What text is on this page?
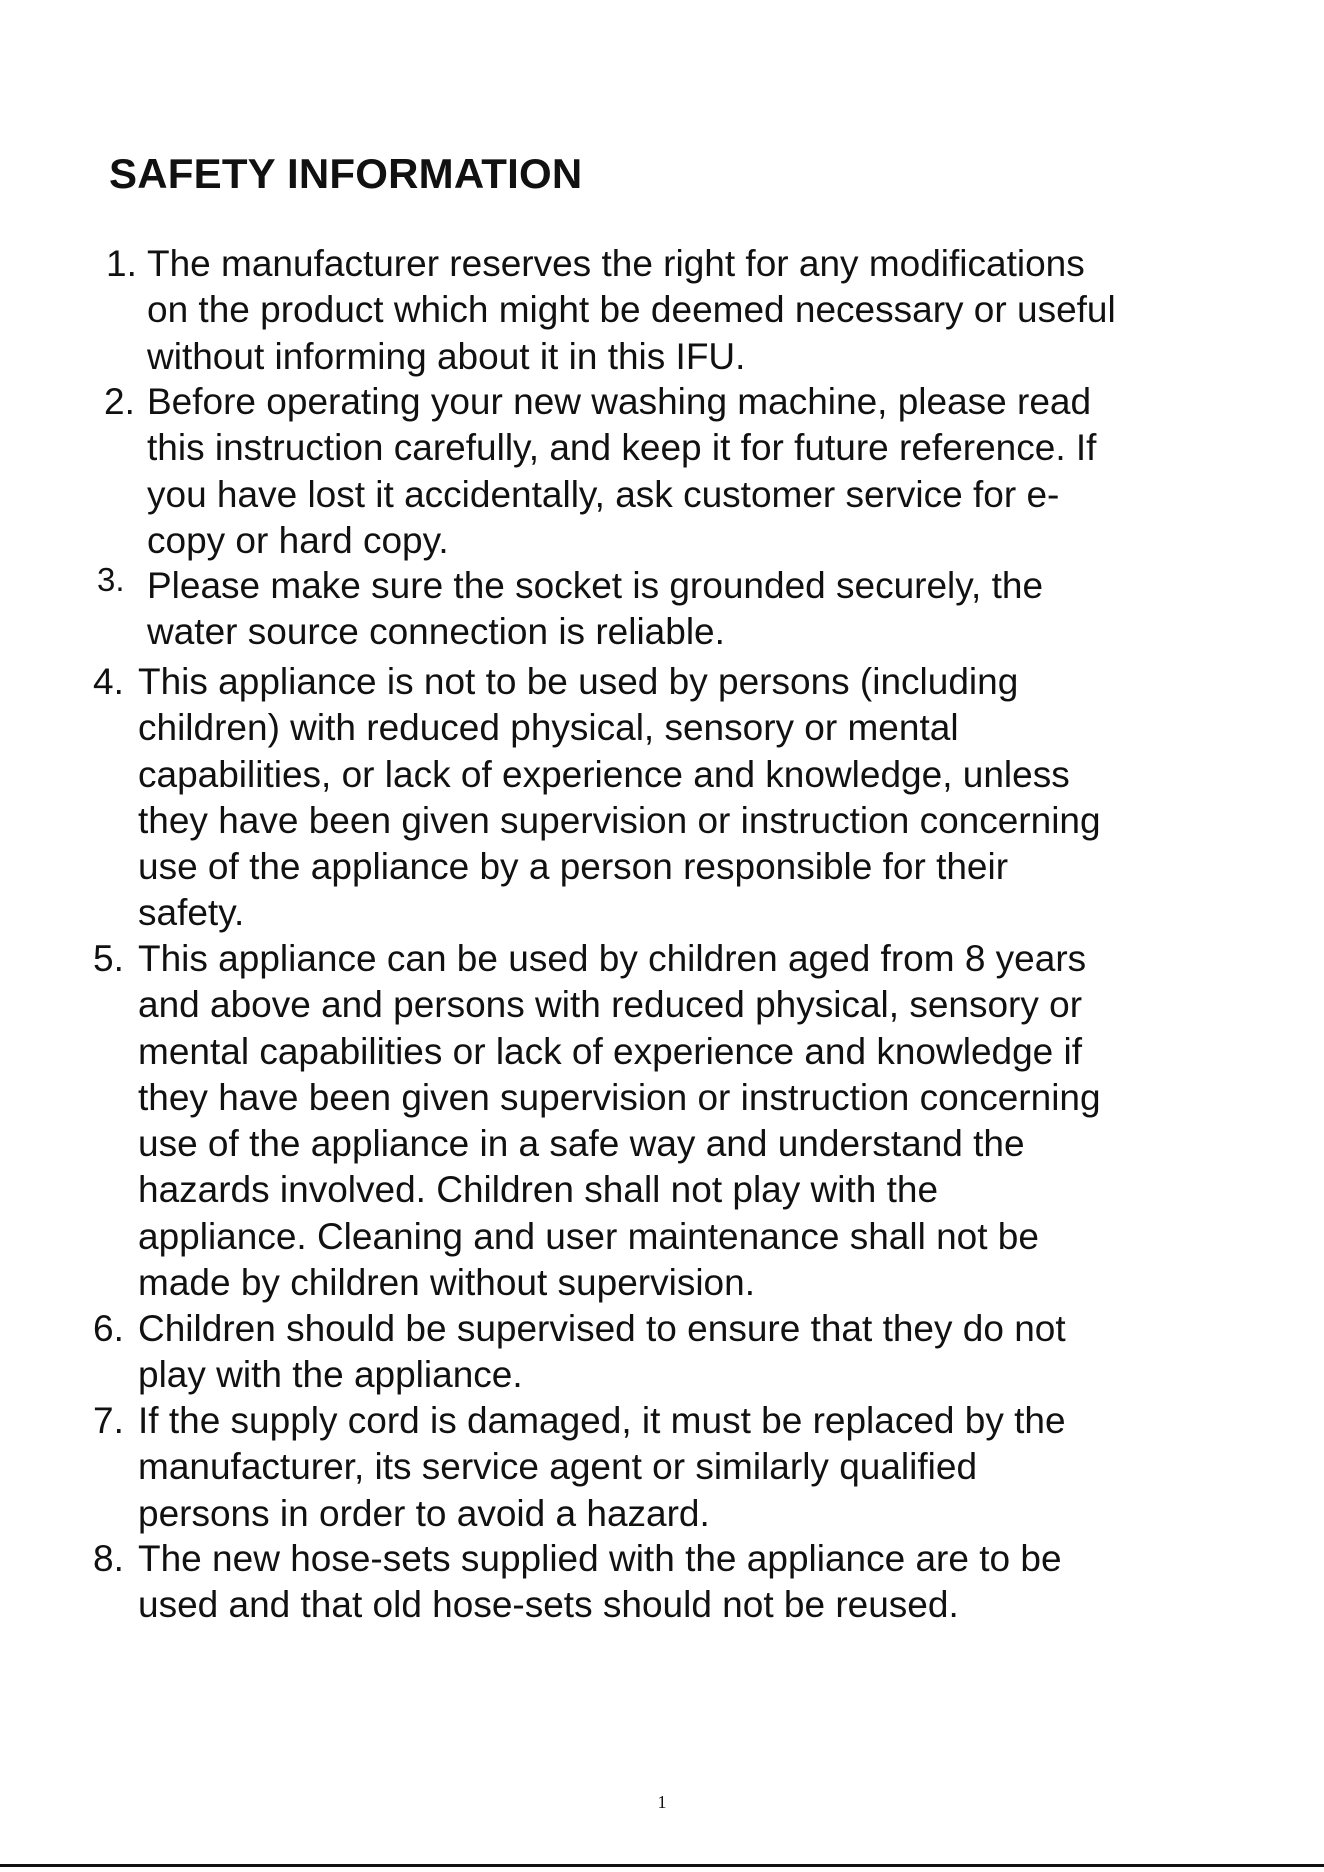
SAFETY INFORMATION
1. The manufacturer reserves the right for any modifications
on the product which might be deemed necessary or useful
without informing about it in this IFU.
2. Before operating your new washing machine, please read
this instruction carefully, and keep it for future reference. If
you have lost it accidentally, ask customer service for e-
copy or hard copy.
3. Please make sure the socket is grounded securely, the
water source connection is reliable.
4. This appliance is not to be used by persons (including
children) with reduced physical, sensory or mental
capabilities, or lack of experience and knowledge, unless
they have been given supervision or instruction concerning
use of the appliance by a person responsible for their
safety.
5. This appliance can be used by children aged from 8 years
and above and persons with reduced physical, sensory or
mental capabilities or lack of experience and knowledge if
they have been given supervision or instruction concerning
use of the appliance in a safe way and understand the
hazards involved. Children shall not play with the
appliance. Cleaning and user maintenance shall not be
made by children without supervision.
6. Children should be supervised to ensure that they do not
play with the appliance.
7. If the supply cord is damaged, it must be replaced by the
manufacturer, its service agent or similarly qualified
persons in order to avoid a hazard.
8. The new hose-sets supplied with the appliance are to be
used and that old hose-sets should not be reused.
1
